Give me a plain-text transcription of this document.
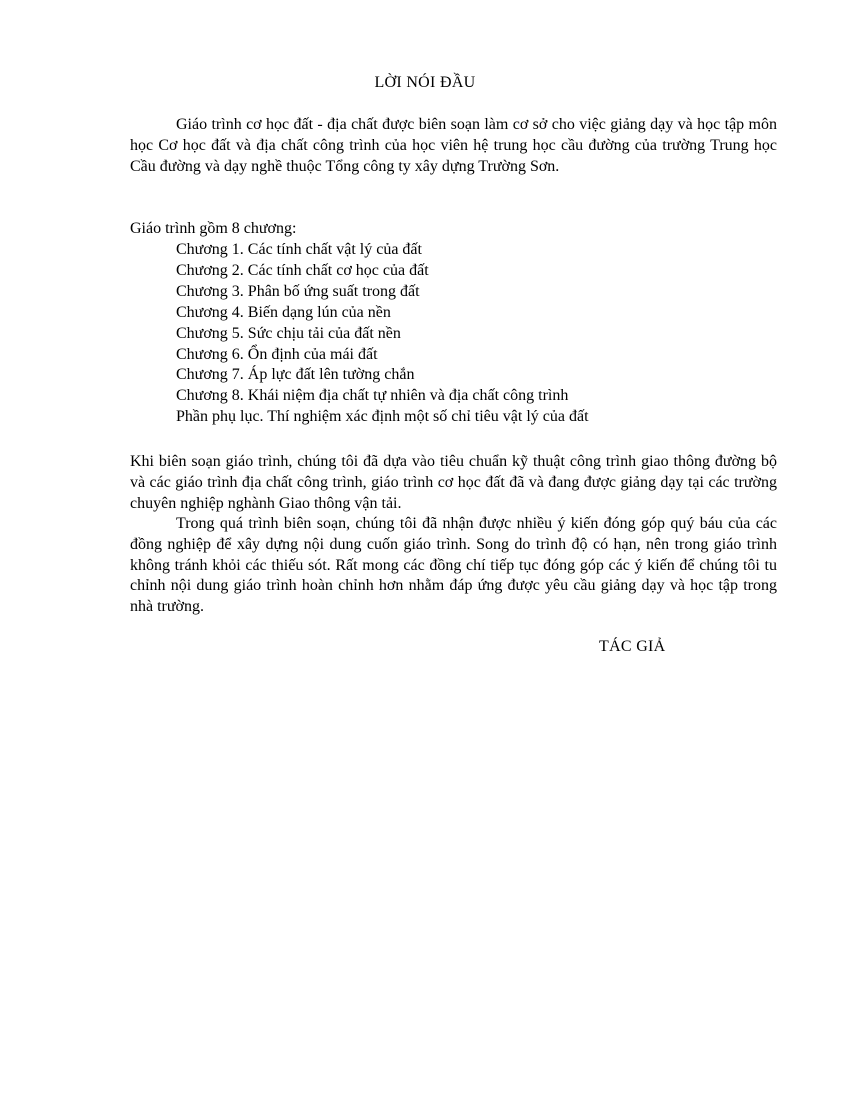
LỜI NÓI ĐẦU

Giáo trình cơ học đất - địa chất được biên soạn làm cơ sở cho việc giảng dạy và học tập môn học Cơ học đất và địa chất công trình của học viên hệ trung học cầu đường của trường Trung học Cầu đường và dạy nghề thuộc Tổng công ty xây dựng Trường Sơn.

Giáo trình gồm 8 chương:

Chương 1. Các tính chất vật lý của đất
Chương 2. Các tính chất cơ học của đất
Chương 3. Phân bố ứng suất trong đất
Chương 4. Biến dạng lún của nền
Chương 5. Sức chịu tải của đất nền
Chương 6. Ổn định của mái đất
Chương 7. Áp lực đất lên tường chắn
Chương 8. Khái niệm địa chất tự nhiên và địa chất công trình
Phần phụ lục. Thí nghiệm xác định một số chỉ tiêu vật lý của đất

Khi biên soạn giáo trình, chúng tôi đã dựa vào tiêu chuẩn kỹ thuật công trình giao thông đường bộ và các giáo trình địa chất công trình, giáo trình cơ học đất đã và đang được giảng dạy tại các trường chuyên nghiệp nghành Giao thông vận tải.

Trong quá trình biên soạn, chúng tôi đã nhận được nhiều ý kiến đóng góp quý báu của các đồng nghiệp để xây dựng nội dung cuốn giáo trình. Song do trình độ có hạn, nên trong giáo trình không tránh khỏi các thiếu sót. Rất mong các đồng chí tiếp tục đóng góp các ý kiến để chúng tôi tu chỉnh nội dung giáo trình hoàn chỉnh hơn nhằm đáp ứng được yêu cầu giảng dạy và học tập trong nhà trường.

TÁC GIẢ
